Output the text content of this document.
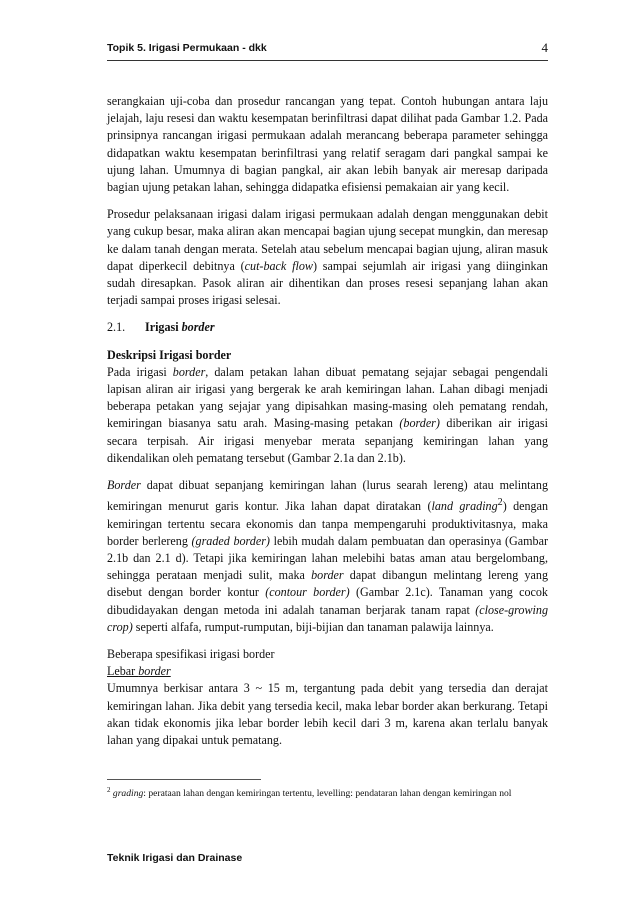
Topik 5. Irigasi Permukaan - dkk	4

serangkaian uji-coba dan prosedur rancangan yang tepat. Contoh hubungan antara laju jelajah, laju resesi dan waktu kesempatan berinfiltrasi dapat dilihat pada Gambar 1.2. Pada prinsipnya rancangan irigasi permukaan adalah merancang beberapa parameter sehingga didapatkan waktu kesempatan berinfiltrasi yang relatif seragam dari pangkal sampai ke ujung lahan. Umumnya di bagian pangkal, air akan lebih banyak air meresap daripada bagian ujung petakan lahan, sehingga didapatka efisiensi pemakaian air yang kecil.

Prosedur pelaksanaan irigasi dalam irigasi permukaan adalah dengan menggunakan debit yang cukup besar, maka aliran akan mencapai bagian ujung secepat mungkin, dan meresap ke dalam tanah dengan merata. Setelah atau sebelum mencapai bagian ujung, aliran masuk dapat diperkecil debitnya (cut-back flow) sampai sejumlah air irigasi yang diinginkan sudah diresapkan. Pasok aliran air dihentikan dan proses resesi sepanjang lahan akan terjadi sampai proses irigasi selesai.

2.1. Irigasi border
Deskripsi Irigasi border

Pada irigasi border, dalam petakan lahan dibuat pematang sejajar sebagai pengendali lapisan aliran air irigasi yang bergerak ke arah kemiringan lahan. Lahan dibagi menjadi beberapa petakan yang sejajar yang dipisahkan masing-masing oleh pematang rendah, kemiringan biasanya satu arah. Masing-masing petakan (border) diberikan air irigasi secara terpisah. Air irigasi menyebar merata sepanjang kemiringan lahan yang dikendalikan oleh pematang tersebut (Gambar 2.1a dan 2.1b).

Border dapat dibuat sepanjang kemiringan lahan (lurus searah lereng) atau melintang kemiringan menurut garis kontur. Jika lahan dapat diratakan (land grading$^2$) dengan kemiringan tertentu secara ekonomis dan tanpa mempengaruhi produktivitasnya, maka border berlereng (graded border) lebih mudah dalam pembuatan dan operasinya (Gambar 2.1b dan 2.1 d). Tetapi jika kemiringan lahan melebihi batas aman atau bergelombang, sehingga perataan menjadi sulit, maka border dapat dibangun melintang lereng yang disebut dengan border kontur (contour border) (Gambar 2.1c). Tanaman yang cocok dibudidayakan dengan metoda ini adalah tanaman berjarak tanam rapat (close-growing crop) seperti alfafa, rumput-rumputan, biji-bijian dan tanaman palawija lainnya.

Beberapa spesifikasi irigasi border
Lebar border

Umumnya berkisar antara 3 ~ 15 m, tergantung pada debit yang tersedia dan derajat kemiringan lahan. Jika debit yang tersedia kecil, maka lebar border akan berkurang. Tetapi akan tidak ekonomis jika lebar border lebih kecil dari 3 m, karena akan terlalu banyak lahan yang dipakai untuk pematang.

$^2$ grading: perataan lahan dengan kemiringan tertentu, levelling: pendataran lahan dengan kemiringan nol
Teknik Irigasi dan Drainase
